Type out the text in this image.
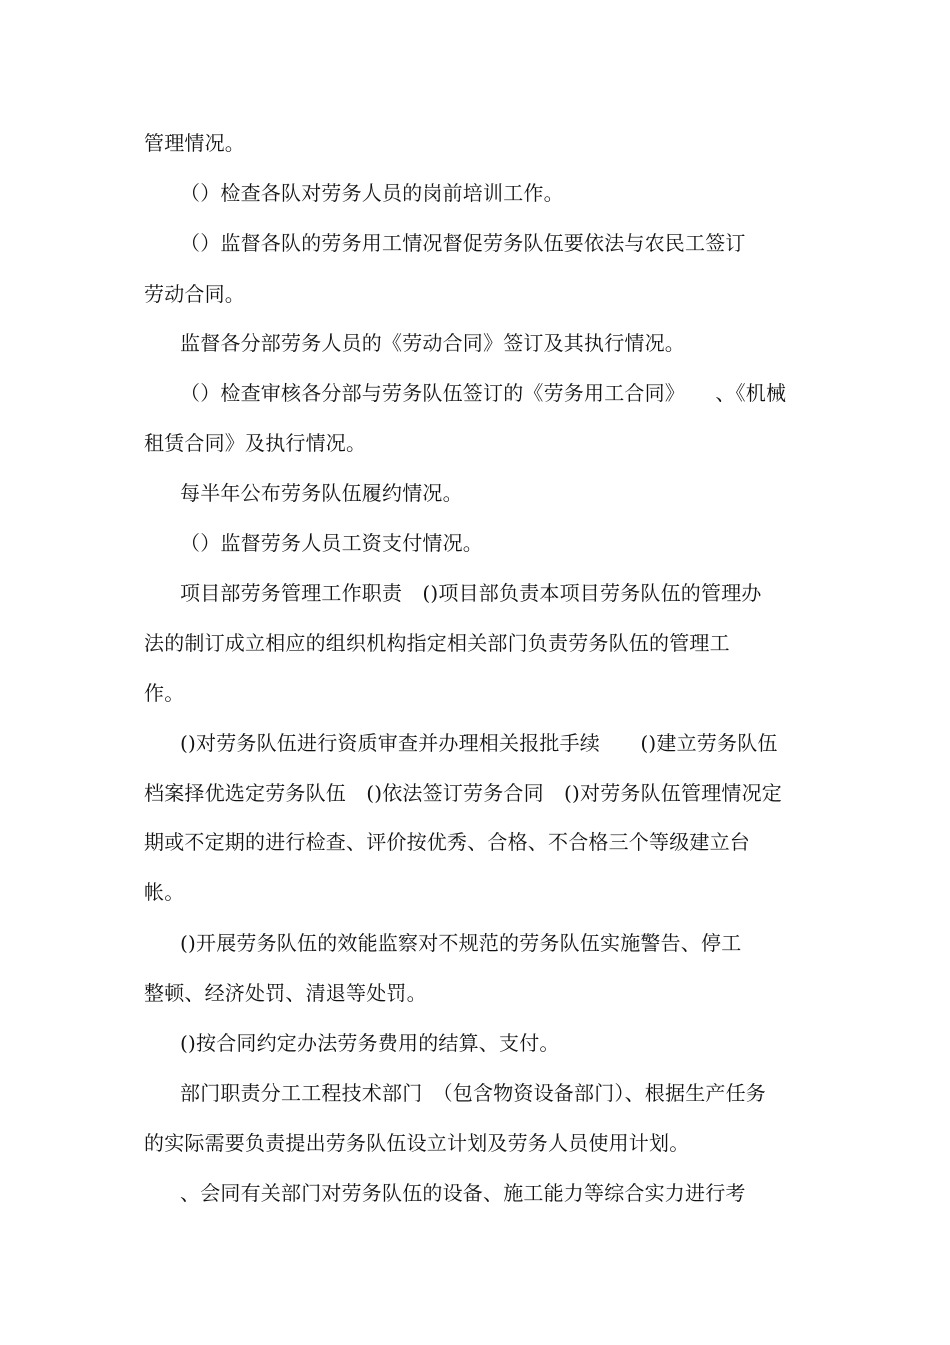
管理情况。
（）检查各队对劳务人员的岗前培训工作。
（）监督各队的劳务用工情况督促劳务队伍要依法与农民工签订
劳动合同。
监督各分部劳务人员的《劳动合同》签订及其执行情况。
（）检查审核各分部与劳务队伍签订的《劳务用工合同》　　、《机械
租赁合同》及执行情况。
每半年公布劳务队伍履约情况。
（）监督劳务人员工资支付情况。
项目部劳务管理工作职责　()项目部负责本项目劳务队伍的管理办
法的制订成立相应的组织机构指定相关部门负责劳务队伍的管理工
作。
()对劳务队伍进行资质审查并办理相关报批手续　　()建立劳务队伍
档案择优选定劳务队伍　()依法签订劳务合同　()对劳务队伍管理情况定
期或不定期的进行检查、评价按优秀、合格、不合格三个等级建立台
帐。
()开展劳务队伍的效能监察对不规范的劳务队伍实施警告、停工
整顿、经济处罚、清退等处罚。
()按合同约定办法劳务费用的结算、支付。
部门职责分工工程技术部门　（包含物资设备部门）、根据生产任务
的实际需要负责提出劳务队伍设立计划及劳务人员使用计划。
、会同有关部门对劳务队伍的设备、施工能力等综合实力进行考
